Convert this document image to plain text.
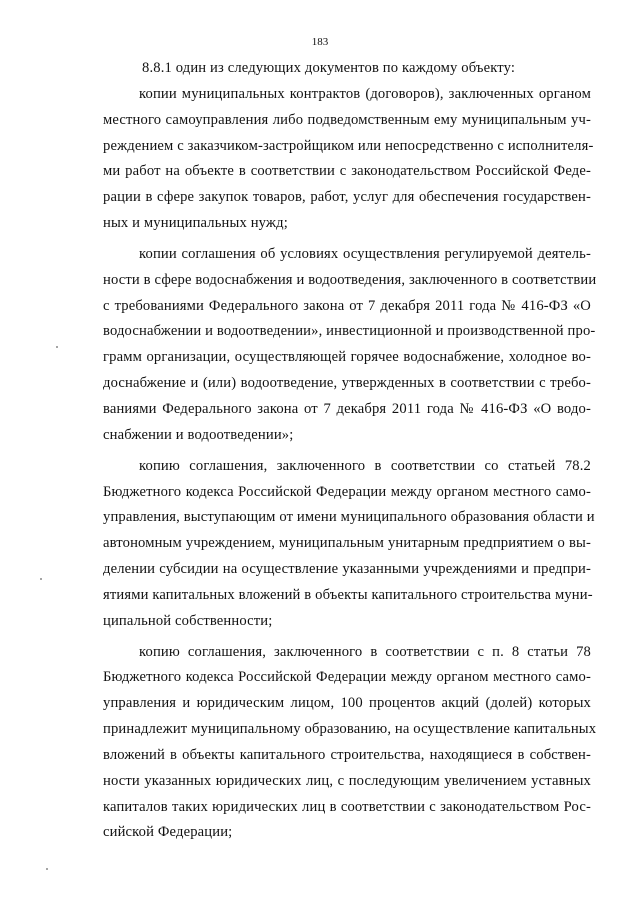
183

8.8.1 один из следующих документов по каждому объекту:

копии муниципальных контрактов (договоров), заключенных органом
местного самоуправления либо подведомственным ему муниципальным уч-
реждением с заказчиком-застройщиком или непосредственно с исполнителя-
ми работ на объекте в соответствии с законодательством Российской Феде-
рации в сфере закупок товаров, работ, услуг для обеспечения государствен-
ных и муниципальных нужд;

копии соглашения об условиях осуществления регулируемой деятель-
ности в сфере водоснабжения и водоотведения, заключенного в соответствии
с требованиями Федерального закона от 7 декабря 2011 года № 416-ФЗ «О
водоснабжении и водоотведении», инвестиционной и производственной про-
грамм организации, осуществляющей горячее водоснабжение, холодное во-
доснабжение и (или) водоотведение, утвержденных в соответствии с требо-
ваниями Федерального закона от 7 декабря 2011 года № 416-ФЗ «О водо-
снабжении и водоотведении»;

копию соглашения, заключенного в соответствии со статьей 78.2
Бюджетного кодекса Российской Федерации между органом местного само-
управления, выступающим от имени муниципального образования области и
автономным учреждением, муниципальным унитарным предприятием о вы-
делении субсидии на осуществление указанными учреждениями и предпри-
ятиями капитальных вложений в объекты капитального строительства муни-
ципальной собственности;

копию соглашения, заключенного в соответствии с п. 8 статьи 78
Бюджетного кодекса Российской Федерации между органом местного само-
управления и юридическим лицом, 100 процентов акций (долей) которых
принадлежит муниципальному образованию, на осуществление капитальных
вложений в объекты капитального строительства, находящиеся в собствен-
ности указанных юридических лиц, с последующим увеличением уставных
капиталов таких юридических лиц в соответствии с законодательством Рос-
сийской Федерации;
